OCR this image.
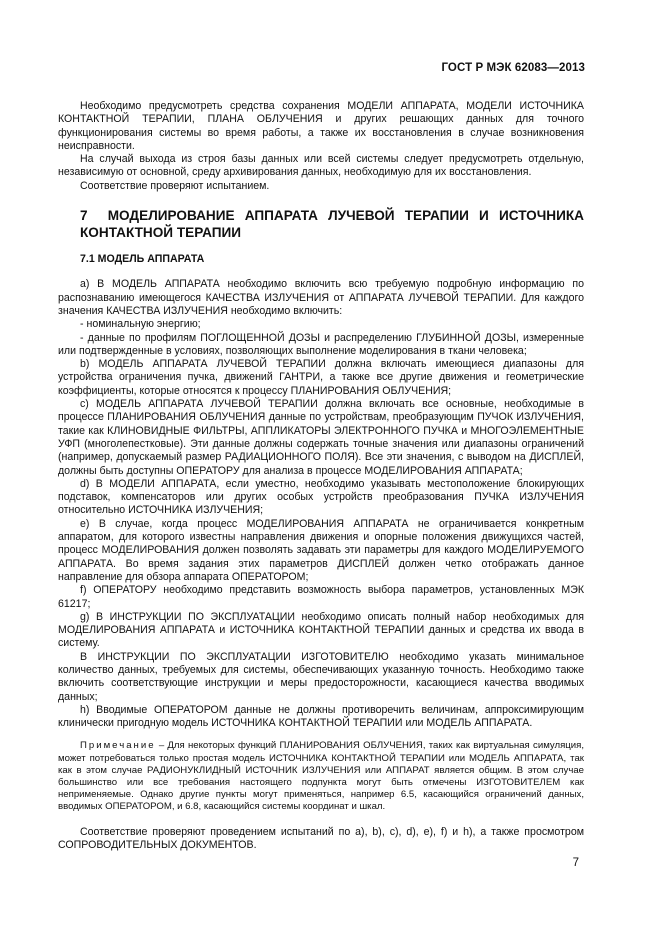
ГОСТ Р МЭК 62083—2013

Необходимо предусмотреть средства сохранения МОДЕЛИ АППАРАТА, МОДЕЛИ ИСТОЧНИКА КОНТАКТНОЙ ТЕРАПИИ, ПЛАНА ОБЛУЧЕНИЯ и других решающих данных для точного функционирования системы во время работы, а также их восстановления в случае возникновения неисправности.

На случай выхода из строя базы данных или всей системы следует предусмотреть отдельную, независимую от основной, среду архивирования данных, необходимую для их восстановления.

Соответствие проверяют испытанием.

7 МОДЕЛИРОВАНИЕ АППАРАТА ЛУЧЕВОЙ ТЕРАПИИ И ИСТОЧНИКА КОНТАКТНОЙ ТЕРАПИИ
7.1 МОДЕЛЬ АППАРАТА

a) В МОДЕЛЬ АППАРАТА необходимо включить всю требуемую подробную информацию по распознаванию имеющегося КАЧЕСТВА ИЗЛУЧЕНИЯ от АППАРАТА ЛУЧЕВОЙ ТЕРАПИИ. Для каждого значения КАЧЕСТВА ИЗЛУЧЕНИЯ необходимо включить:

- номинальную энергию;

- данные по профилям ПОГЛОЩЕННОЙ ДОЗЫ и распределению ГЛУБИННОЙ ДОЗЫ, измеренные или подтвержденные в условиях, позволяющих выполнение моделирования в ткани человека;

b) МОДЕЛЬ АППАРАТА ЛУЧЕВОЙ ТЕРАПИИ должна включать имеющиеся диапазоны для устройства ограничения пучка, движений ГАНТРИ, а также все другие движения и геометрические коэффициенты, которые относятся к процессу ПЛАНИРОВАНИЯ ОБЛУЧЕНИЯ;

c) МОДЕЛЬ АППАРАТА ЛУЧЕВОЙ ТЕРАПИИ должна включать все основные, необходимые в процессе ПЛАНИРОВАНИЯ ОБЛУЧЕНИЯ данные по устройствам, преобразующим ПУЧОК ИЗЛУЧЕНИЯ, такие как КЛИНОВИДНЫЕ ФИЛЬТРЫ, АППЛИКАТОРЫ ЭЛЕКТРОННОГО ПУЧКА и МНОГОЭЛЕМЕНТНЫЕ УФП (многолепестковые). Эти данные должны содержать точные значения или диапазоны ограничений (например, допускаемый размер РАДИАЦИОННОГО ПОЛЯ). Все эти значения, с выводом на ДИСПЛЕЙ, должны быть доступны ОПЕРАТОРУ для анализа в процессе МОДЕЛИРОВАНИЯ АППАРАТА;

d) В МОДЕЛИ АППАРАТА, если уместно, необходимо указывать местоположение блокирующих подставок, компенсаторов или других особых устройств преобразования ПУЧКА ИЗЛУЧЕНИЯ относительно ИСТОЧНИКА ИЗЛУЧЕНИЯ;

e) В случае, когда процесс МОДЕЛИРОВАНИЯ АППАРАТА не ограничивается конкретным аппаратом, для которого известны направления движения и опорные положения движущихся частей, процесс МОДЕЛИРОВАНИЯ должен позволять задавать эти параметры для каждого МОДЕЛИРУЕМОГО АППАРАТА. Во время задания этих параметров ДИСПЛЕЙ должен четко отображать данное направление для обзора аппарата ОПЕРАТОРОМ;

f) ОПЕРАТОРУ необходимо представить возможность выбора параметров, установленных МЭК 61217;

g) В ИНСТРУКЦИИ ПО ЭКСПЛУАТАЦИИ необходимо описать полный набор необходимых для МОДЕЛИРОВАНИЯ АППАРАТА и ИСТОЧНИКА КОНТАКТНОЙ ТЕРАПИИ данных и средства их ввода в систему.

В ИНСТРУКЦИИ ПО ЭКСПЛУАТАЦИИ ИЗГОТОВИТЕЛЮ необходимо указать минимальное количество данных, требуемых для системы, обеспечивающих указанную точность. Необходимо также включить соответствующие инструкции и меры предосторожности, касающиеся качества вводимых данных;

h) Вводимые ОПЕРАТОРОМ данные не должны противоречить величинам, аппроксимирующим клинически пригодную модель ИСТОЧНИКА КОНТАКТНОЙ ТЕРАПИИ или МОДЕЛЬ АППАРАТА.

Примечание – Для некоторых функций ПЛАНИРОВАНИЯ ОБЛУЧЕНИЯ, таких как виртуальная симуляция, может потребоваться только простая модель ИСТОЧНИКА КОНТАКТНОЙ ТЕРАПИИ или МОДЕЛЬ АППАРАТА, так как в этом случае РАДИОНУКЛИДНЫЙ ИСТОЧНИК ИЗЛУЧЕНИЯ или АППАРАТ является общим. В этом случае большинство или все требования настоящего подпункта могут быть отмечены ИЗГОТОВИТЕЛЕМ как неприменяемые. Однако другие пункты могут применяться, например 6.5, касающийся ограничений данных, вводимых ОПЕРАТОРОМ, и 6.8, касающийся системы координат и шкал.

Соответствие проверяют проведением испытаний по a), b), c), d), e), f) и h), а также просмотром СОПРОВОДИТЕЛЬНЫХ ДОКУМЕНТОВ.

7
